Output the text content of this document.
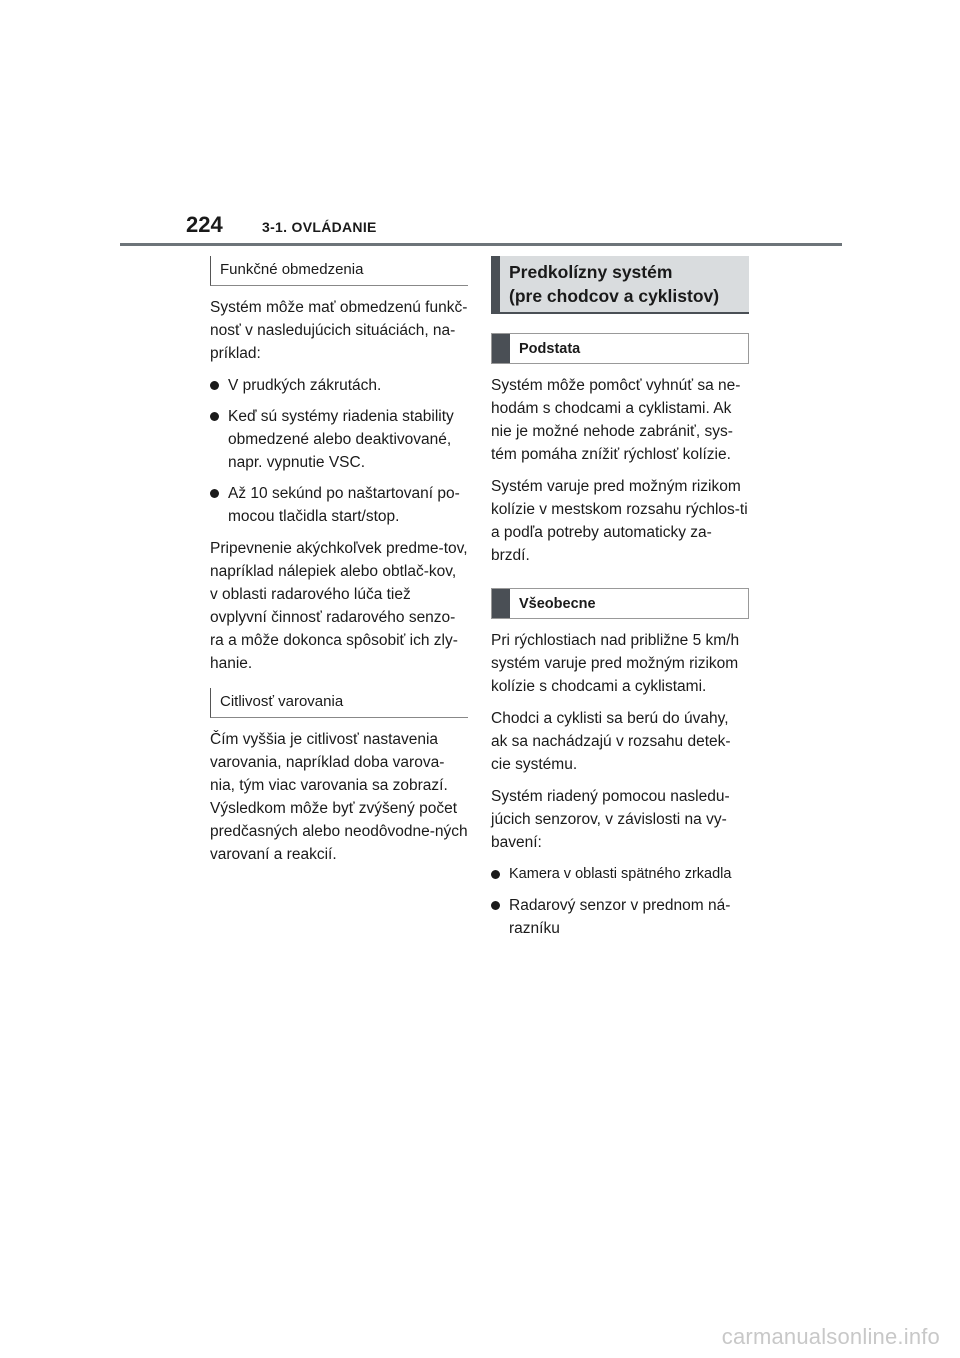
224	3-1. OVLÁDANIE
Funkčné obmedzenia

Systém môže mať obmedzenú funkč-nosť v nasledujúcich situáciách, na-príklad:

V prudkých zákrutách.
Keď sú systémy riadenia stability obmedzené alebo deaktivované, napr. vypnutie VSC.
Až 10 sekúnd po naštartovaní po-mocou tlačidla start/stop.

Pripevnenie akýchkoľvek predme-tov, napríklad nálepiek alebo obtlač-kov, v oblasti radarového lúča tiež ovplyvní činnosť radarového senzo-ra a môže dokonca spôsobiť ich zly-hanie.

Citlivosť varovania

Čím vyššia je citlivosť nastavenia varovania, napríklad doba varova-nia, tým viac varovania sa zobrazí. Výsledkom môže byť zvýšený počet predčasných alebo neodôvodne-ných varovaní a reakcií.

Predkolízny systém
(pre chodcov a cyklistov)
Podstata

Systém môže pomôcť vyhnúť sa ne-hodám s chodcami a cyklistami. Ak nie je možné nehode zabrániť, sys-tém pomáha znížiť rýchlosť kolízie.

Systém varuje pred možným rizikom kolízie v mestskom rozsahu rýchlos-ti a podľa potreby automaticky za-brzdí.

Všeobecne

Pri rýchlostiach nad približne 5 km/h systém varuje pred možným rizikom kolízie s chodcami a cyklistami.

Chodci a cyklisti sa berú do úvahy, ak sa nachádzajú v rozsahu detek-cie systému.

Systém riadený pomocou nasledu-júcich senzorov, v závislosti na vy-bavení:

Kamera v oblasti spätného zrkadla
Radarový senzor v prednom ná-razníku
carmanualsonline.info
